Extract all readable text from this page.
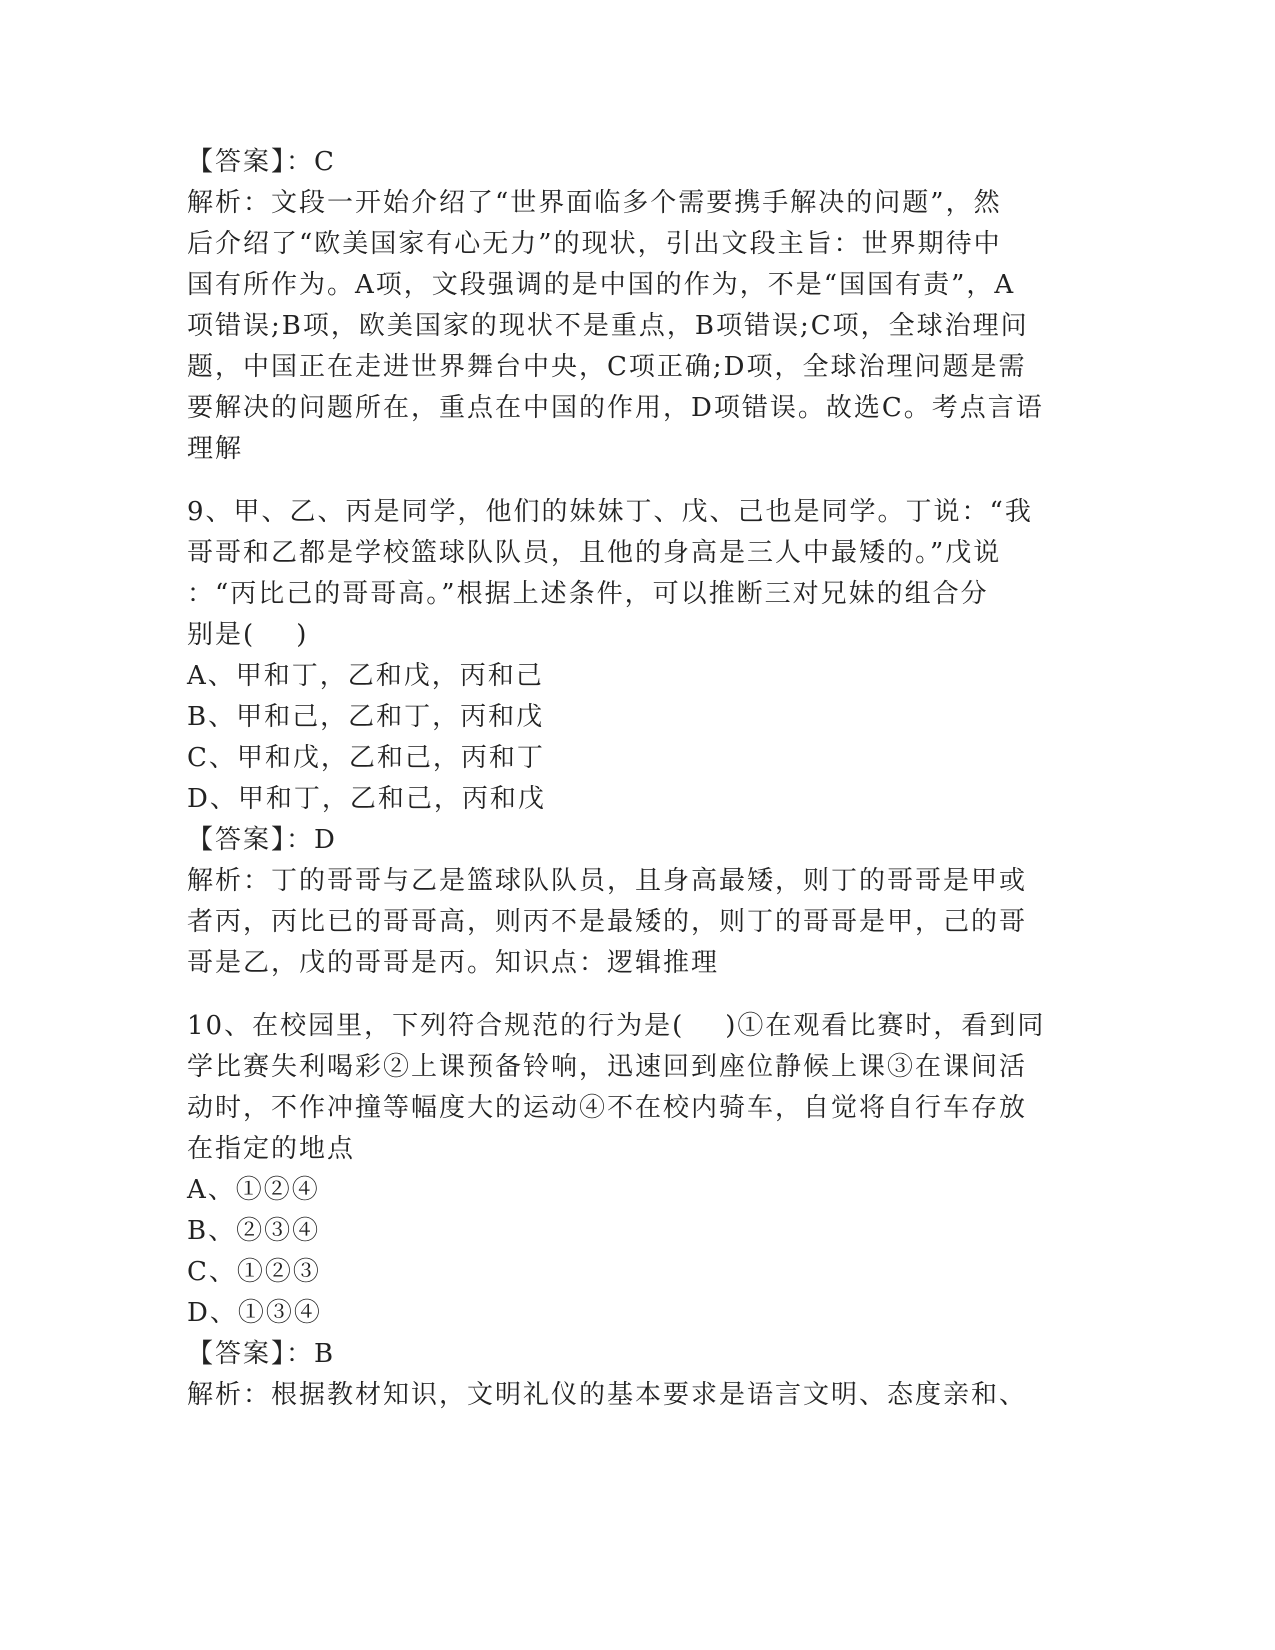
【答案】：C
解析：文段一开始介绍了“世界面临多个需要携手解决的问题”，然
后介绍了“欧美国家有心无力”的现状，引出文段主旨：世界期待中
国有所作为。A项，文段强调的是中国的作为，不是“国国有责”，A
项错误;B项，欧美国家的现状不是重点，B项错误;C项，全球治理问
题，中国正在走进世界舞台中央，C项正确;D项，全球治理问题是需
要解决的问题所在，重点在中国的作用，D项错误。故选C。考点言语
理解
9、甲、乙、丙是同学，他们的妹妹丁、戊、己也是同学。丁说：“我
哥哥和乙都是学校篮球队队员，且他的身高是三人中最矮的。”戊说
：“丙比己的哥哥高。”根据上述条件，可以推断三对兄妹的组合分
别是(    )
A、甲和丁，乙和戊，丙和己
B、甲和己，乙和丁，丙和戊
C、甲和戊，乙和己，丙和丁
D、甲和丁，乙和己，丙和戊
【答案】：D
解析：丁的哥哥与乙是篮球队队员，且身高最矮，则丁的哥哥是甲或
者丙，丙比已的哥哥高，则丙不是最矮的，则丁的哥哥是甲，己的哥
哥是乙，戊的哥哥是丙。知识点：逻辑推理
10、在校园里，下列符合规范的行为是(    )①在观看比赛时，看到同
学比赛失利喝彩②上课预备铃响，迅速回到座位静候上课③在课间活
动时，不作冲撞等幅度大的运动④不在校内骑车，自觉将自行车存放
在指定的地点
A、①②④
B、②③④
C、①②③
D、①③④
【答案】：B
解析：根据教材知识，文明礼仪的基本要求是语言文明、态度亲和、
